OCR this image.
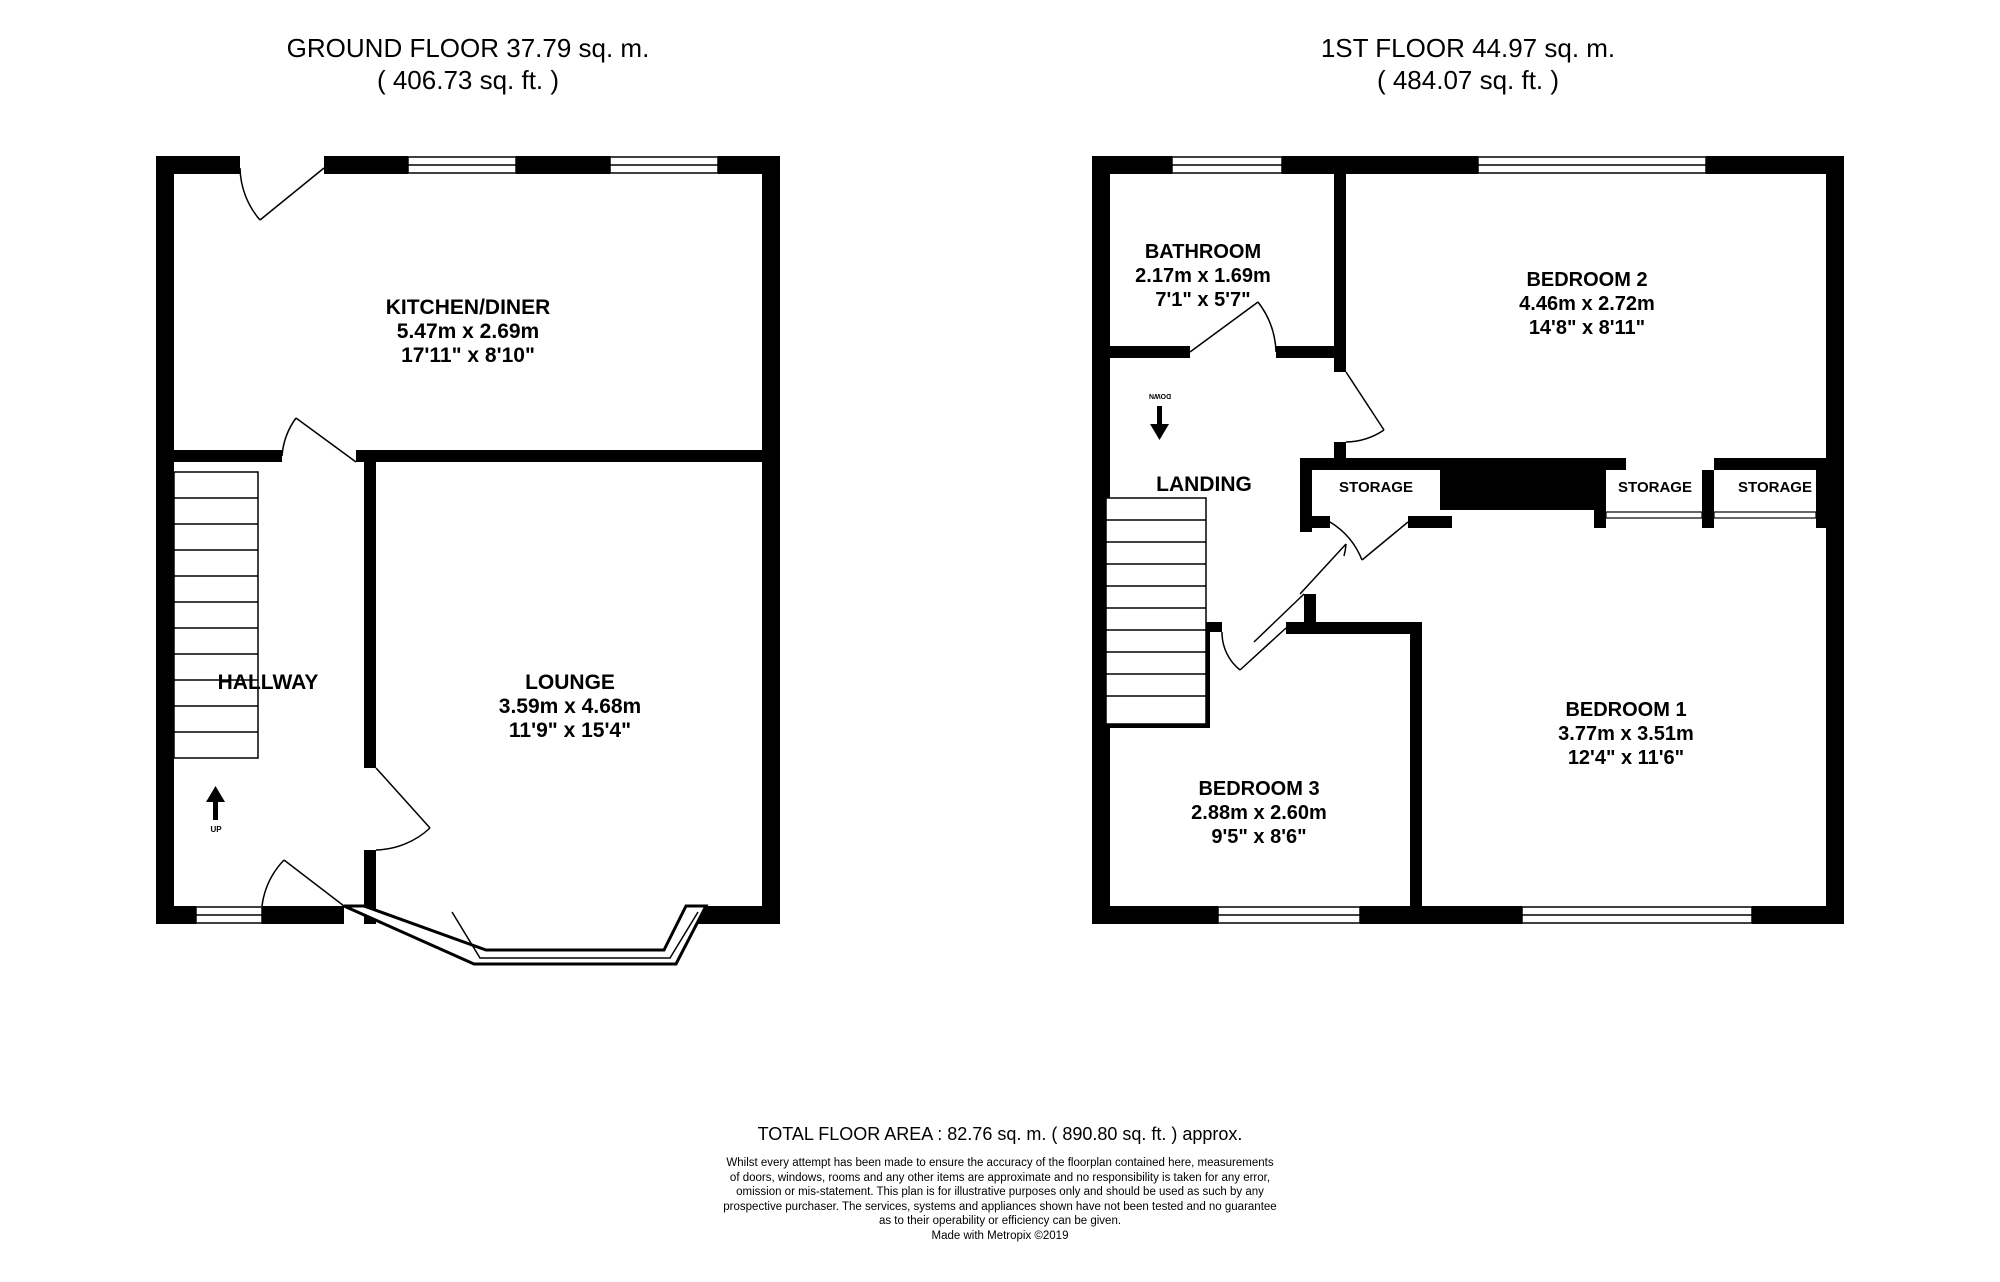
GROUND FLOOR 37.79 sq. m.
( 406.73 sq. ft. )
1ST FLOOR 44.97 sq. m.
( 484.07 sq. ft. )
UP
KITCHEN/DINER
5.47m x 2.69m
17'11" x 8'10"
HALLWAY	LOUNGE
3.59m x 4.68m
11'9" x 15'4"
DOWN
BATHROOM
2.17m x 1.69m
7'1" x 5'7"
BEDROOM 2
4.46m x 2.72m
14'8" x 8'11"
LANDING	STORAGE	STORAGE	STORAGE
BEDROOM 1
3.77m x 3.51m
12'4" x 11'6"
BEDROOM 3
2.88m x 2.60m
9'5" x 8'6"
TOTAL FLOOR AREA : 82.76 sq. m. ( 890.80 sq. ft. ) approx.
Whilst every attempt has been made to ensure the accuracy of the floorplan contained here, measurements
of doors, windows, rooms and any other items are approximate and no responsibility is taken for any error,
omission or mis-statement. This plan is for illustrative purposes only and should be used as such by any
prospective purchaser. The services, systems and appliances shown have not been tested and no guarantee
as to their operability or efficiency can be given.
Made with Metropix ©2019
